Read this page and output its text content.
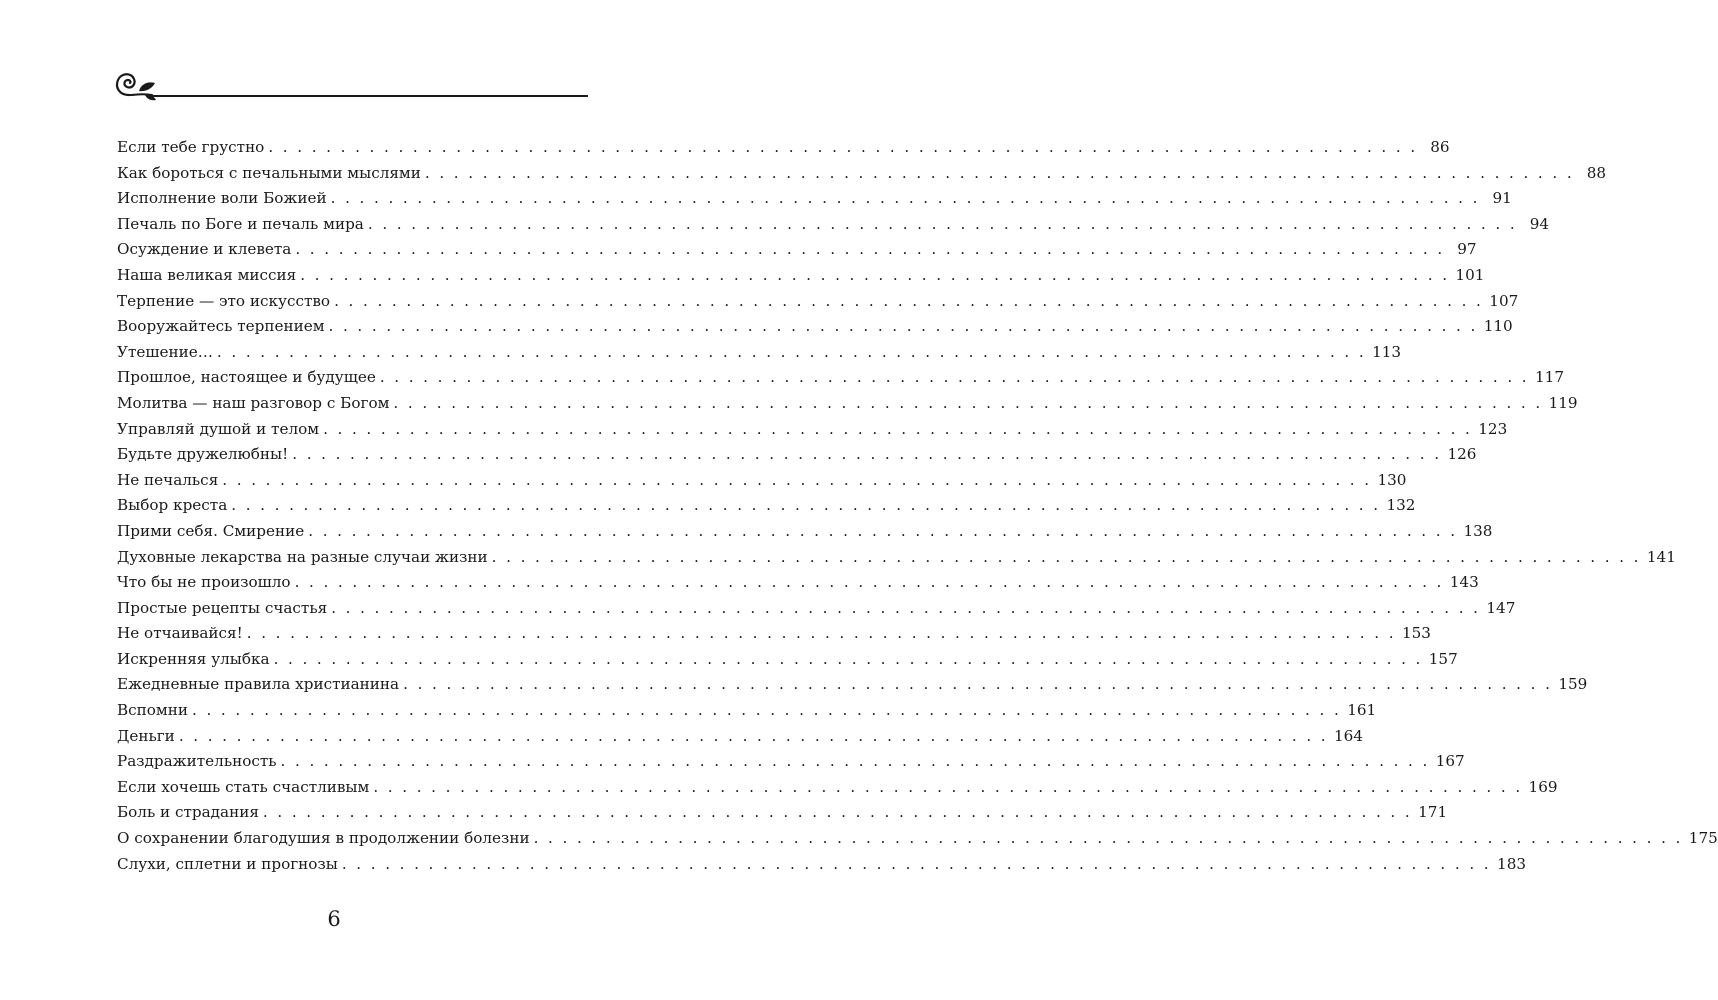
Если тебе грустно . . . . . . . . . . . . . . . . . . . . . . . . . . . . . . . . . . . . . . . . . . . . . . . . . . . . . . . . . . . . . . . . . . . . . . . . . . . . . . . . 86
Как бороться с печальными мыслями . . . . . . . . . . . . . . . . . . . . . . . . . . . . . . . . . . . . . . . . . . . . . . . . . . . . . . . . . . . . . . . . . . . . . . . . . . . . . . . . 88
Исполнение воли Божией . . . . . . . . . . . . . . . . . . . . . . . . . . . . . . . . . . . . . . . . . . . . . . . . . . . . . . . . . . . . . . . . . . . . . . . . . . . . . . . . 91
Печаль по Боге и печаль мира . . . . . . . . . . . . . . . . . . . . . . . . . . . . . . . . . . . . . . . . . . . . . . . . . . . . . . . . . . . . . . . . . . . . . . . . . . . . . . . . 94
Осуждение и клевета . . . . . . . . . . . . . . . . . . . . . . . . . . . . . . . . . . . . . . . . . . . . . . . . . . . . . . . . . . . . . . . . . . . . . . . . . . . . . . . . 97
Наша великая миссия . . . . . . . . . . . . . . . . . . . . . . . . . . . . . . . . . . . . . . . . . . . . . . . . . . . . . . . . . . . . . . . . . . . . . . . . . . . . . . . . 101
Терпение — это искусство . . . . . . . . . . . . . . . . . . . . . . . . . . . . . . . . . . . . . . . . . . . . . . . . . . . . . . . . . . . . . . . . . . . . . . . . . . . . . . . . 107
Вооружайтесь терпением . . . . . . . . . . . . . . . . . . . . . . . . . . . . . . . . . . . . . . . . . . . . . . . . . . . . . . . . . . . . . . . . . . . . . . . . . . . . . . . . 110
Утешение… . . . . . . . . . . . . . . . . . . . . . . . . . . . . . . . . . . . . . . . . . . . . . . . . . . . . . . . . . . . . . . . . . . . . . . . . . . . . . . . . 113
Прошлое, настоящее и будущее . . . . . . . . . . . . . . . . . . . . . . . . . . . . . . . . . . . . . . . . . . . . . . . . . . . . . . . . . . . . . . . . . . . . . . . . . . . . . . . . 117
Молитва — наш разговор с Богом . . . . . . . . . . . . . . . . . . . . . . . . . . . . . . . . . . . . . . . . . . . . . . . . . . . . . . . . . . . . . . . . . . . . . . . . . . . . . . . . 119
Управляй душой и телом . . . . . . . . . . . . . . . . . . . . . . . . . . . . . . . . . . . . . . . . . . . . . . . . . . . . . . . . . . . . . . . . . . . . . . . . . . . . . . . . 123
Будьте дружелюбны! . . . . . . . . . . . . . . . . . . . . . . . . . . . . . . . . . . . . . . . . . . . . . . . . . . . . . . . . . . . . . . . . . . . . . . . . . . . . . . . . 126
Не печалься . . . . . . . . . . . . . . . . . . . . . . . . . . . . . . . . . . . . . . . . . . . . . . . . . . . . . . . . . . . . . . . . . . . . . . . . . . . . . . . . 130
Выбор креста . . . . . . . . . . . . . . . . . . . . . . . . . . . . . . . . . . . . . . . . . . . . . . . . . . . . . . . . . . . . . . . . . . . . . . . . . . . . . . . . 132
Прими себя. Смирение . . . . . . . . . . . . . . . . . . . . . . . . . . . . . . . . . . . . . . . . . . . . . . . . . . . . . . . . . . . . . . . . . . . . . . . . . . . . . . . . 138
Духовные лекарства на разные случаи жизни . . . . . . . . . . . . . . . . . . . . . . . . . . . . . . . . . . . . . . . . . . . . . . . . . . . . . . . . . . . . . . . . . . . . . . . . . . . . . . . . 141
Что бы не произошло . . . . . . . . . . . . . . . . . . . . . . . . . . . . . . . . . . . . . . . . . . . . . . . . . . . . . . . . . . . . . . . . . . . . . . . . . . . . . . . . 143
Простые рецепты счастья . . . . . . . . . . . . . . . . . . . . . . . . . . . . . . . . . . . . . . . . . . . . . . . . . . . . . . . . . . . . . . . . . . . . . . . . . . . . . . . . 147
Не отчаивайся! . . . . . . . . . . . . . . . . . . . . . . . . . . . . . . . . . . . . . . . . . . . . . . . . . . . . . . . . . . . . . . . . . . . . . . . . . . . . . . . . 153
Искренняя улыбка . . . . . . . . . . . . . . . . . . . . . . . . . . . . . . . . . . . . . . . . . . . . . . . . . . . . . . . . . . . . . . . . . . . . . . . . . . . . . . . . 157
Ежедневные правила христианина . . . . . . . . . . . . . . . . . . . . . . . . . . . . . . . . . . . . . . . . . . . . . . . . . . . . . . . . . . . . . . . . . . . . . . . . . . . . . . . . 159
Вспомни . . . . . . . . . . . . . . . . . . . . . . . . . . . . . . . . . . . . . . . . . . . . . . . . . . . . . . . . . . . . . . . . . . . . . . . . . . . . . . . . 161
Деньги . . . . . . . . . . . . . . . . . . . . . . . . . . . . . . . . . . . . . . . . . . . . . . . . . . . . . . . . . . . . . . . . . . . . . . . . . . . . . . . . 164
Раздражительность . . . . . . . . . . . . . . . . . . . . . . . . . . . . . . . . . . . . . . . . . . . . . . . . . . . . . . . . . . . . . . . . . . . . . . . . . . . . . . . . 167
Если хочешь стать счастливым . . . . . . . . . . . . . . . . . . . . . . . . . . . . . . . . . . . . . . . . . . . . . . . . . . . . . . . . . . . . . . . . . . . . . . . . . . . . . . . . 169
Боль и страдания . . . . . . . . . . . . . . . . . . . . . . . . . . . . . . . . . . . . . . . . . . . . . . . . . . . . . . . . . . . . . . . . . . . . . . . . . . . . . . . . 171
О сохранении благодушия в продолжении болезни . . . . . . . . . . . . . . . . . . . . . . . . . . . . . . . . . . . . . . . . . . . . . . . . . . . . . . . . . . . . . . . . . . . . . . . . . . . . . . . . 175
Слухи, сплетни и прогнозы . . . . . . . . . . . . . . . . . . . . . . . . . . . . . . . . . . . . . . . . . . . . . . . . . . . . . . . . . . . . . . . . . . . . . . . . . . . . . . . . 183
6
